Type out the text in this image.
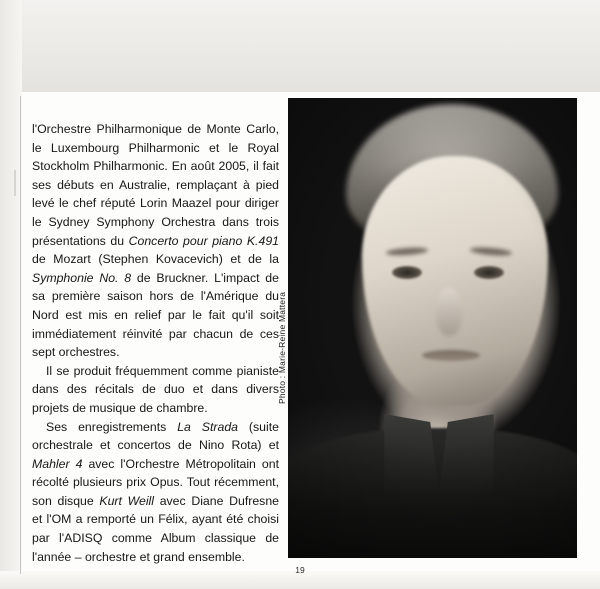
l'Orchestre Philharmonique de Monte Carlo, le Luxembourg Philharmonic et le Royal Stockholm Philharmonic. En août 2005, il fait ses débuts en Australie, remplaçant à pied levé le chef réputé Lorin Maazel pour diriger le Sydney Symphony Orchestra dans trois présentations du Concerto pour piano K.491 de Mozart (Stephen Kovacevich) et de la Symphonie No. 8 de Bruckner. L'impact de sa première saison hors de l'Amérique du Nord est mis en relief par le fait qu'il soit immédiatement réinvité par chacun de ces sept orchestres.

Il se produit fréquemment comme pianiste dans des récitals de duo et dans divers projets de musique de chambre.

Ses enregistrements La Strada (suite orchestrale et concertos de Nino Rota) et Mahler 4 avec l'Orchestre Métropolitain ont récolté plusieurs prix Opus. Tout récemment, son disque Kurt Weill avec Diane Dufresne et l'OM a remporté un Félix, ayant été choisi par l'ADISQ comme Album classique de l'année – orchestre et grand ensemble.

Photo : Marie-Reine Mattera
19
